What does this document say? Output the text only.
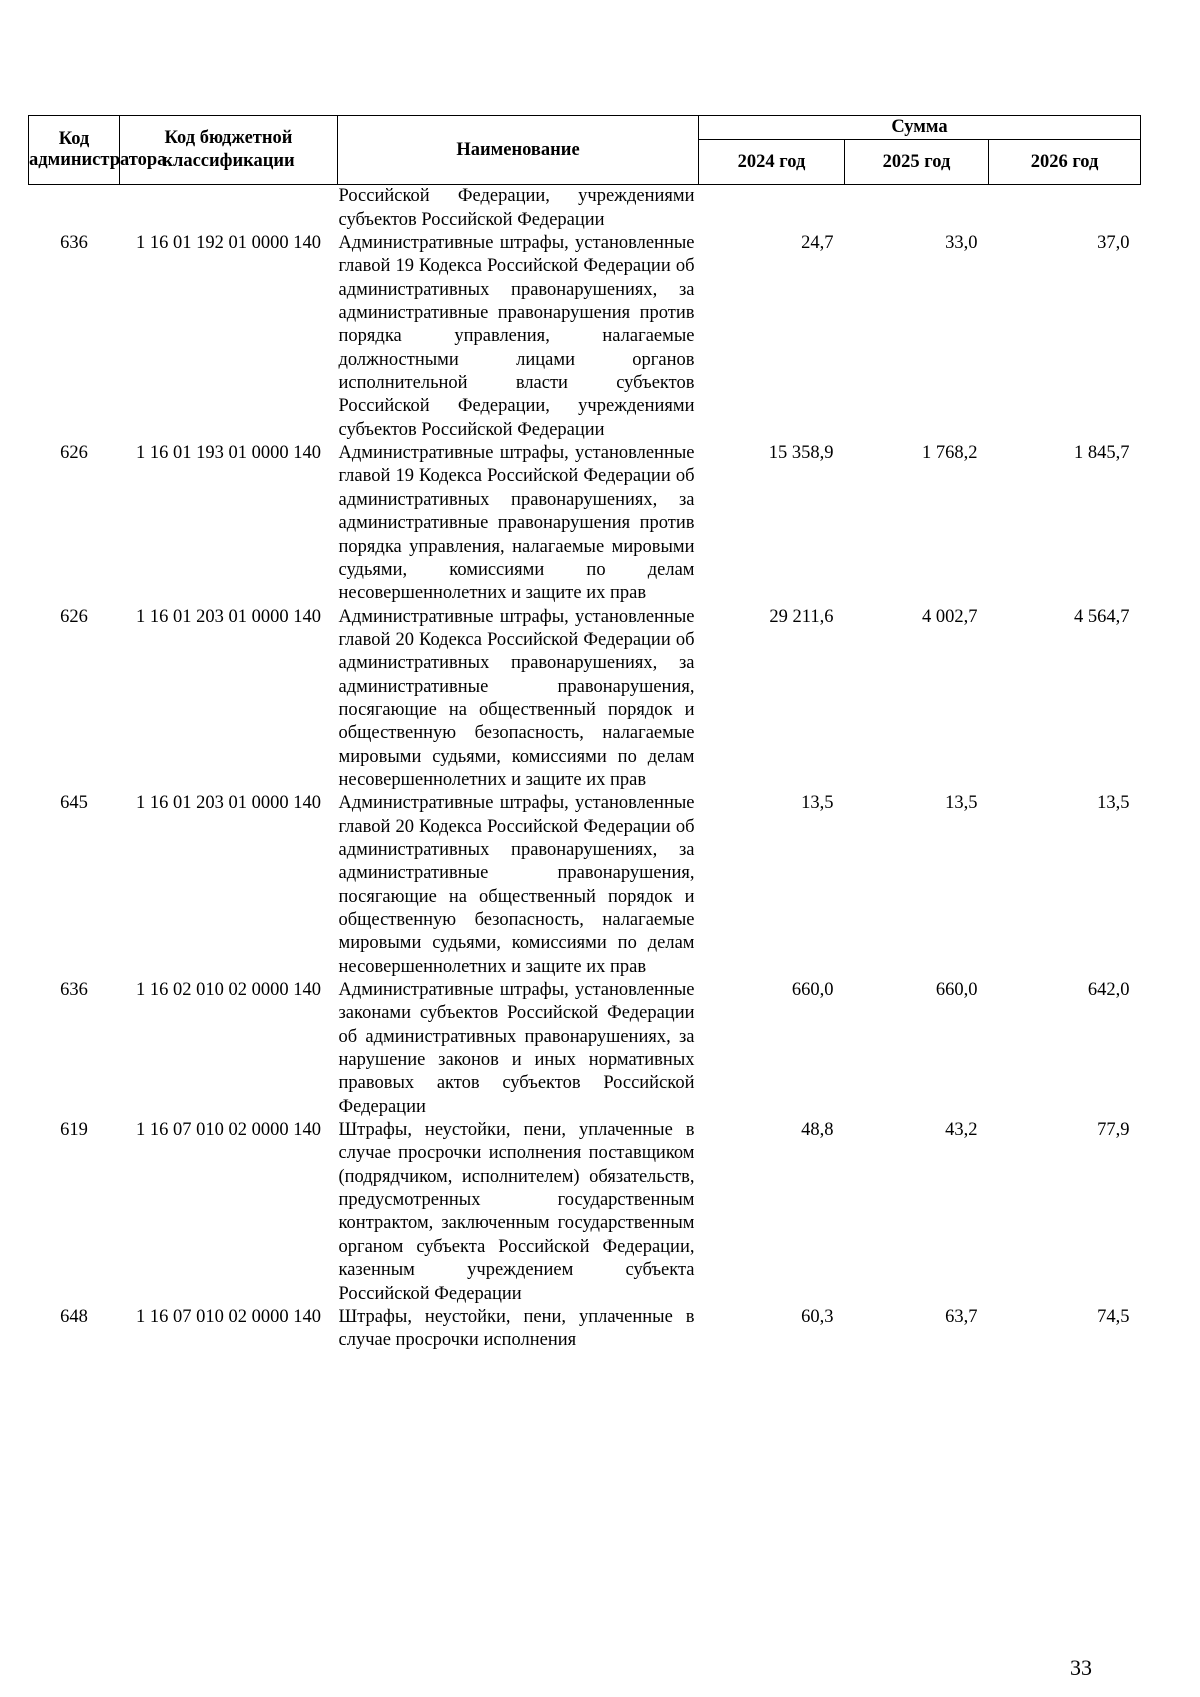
Код администратора	Код бюджетной классификации	Наименование	Сумма		
			2024 год	2025 год	2026 год
		Российской Федерации, учреждениями субъектов Российской Федерации			
636	1 16 01 192 01 0000 140	Административные штрафы, установленные главой 19 Кодекса Российской Федерации об административных правонарушениях, за административные правонарушения против порядка управления, налагаемые должностными лицами органов исполнительной власти субъектов Российской Федерации, учреждениями субъектов Российской Федерации	24,7	33,0	37,0
626	1 16 01 193 01 0000 140	Административные штрафы, установленные главой 19 Кодекса Российской Федерации об административных правонарушениях, за административные правонарушения против порядка управления, налагаемые мировыми судьями, комиссиями по делам несовершеннолетних и защите их прав	15 358,9	1 768,2	1 845,7
626	1 16 01 203 01 0000 140	Административные штрафы, установленные главой 20 Кодекса Российской Федерации об административных правонарушениях, за административные правонарушения, посягающие на общественный порядок и общественную безопасность, налагаемые мировыми судьями, комиссиями по делам несовершеннолетних и защите их прав	29 211,6	4 002,7	4 564,7
645	1 16 01 203 01 0000 140	Административные штрафы, установленные главой 20 Кодекса Российской Федерации об административных правонарушениях, за административные правонарушения, посягающие на общественный порядок и общественную безопасность, налагаемые мировыми судьями, комиссиями по делам несовершеннолетних и защите их прав	13,5	13,5	13,5
636	1 16 02 010 02 0000 140	Административные штрафы, установленные законами субъектов Российской Федерации об административных правонарушениях, за нарушение законов и иных нормативных правовых актов субъектов Российской Федерации	660,0	660,0	642,0
619	1 16 07 010 02 0000 140	Штрафы, неустойки, пени, уплаченные в случае просрочки исполнения поставщиком (подрядчиком, исполнителем) обязательств, предусмотренных государственным контрактом, заключенным государственным органом субъекта Российской Федерации, казенным учреждением субъекта Российской Федерации	48,8	43,2	77,9
648	1 16 07 010 02 0000 140	Штрафы, неустойки, пени, уплаченные в случае просрочки исполнения	60,3	63,7	74,5
33
